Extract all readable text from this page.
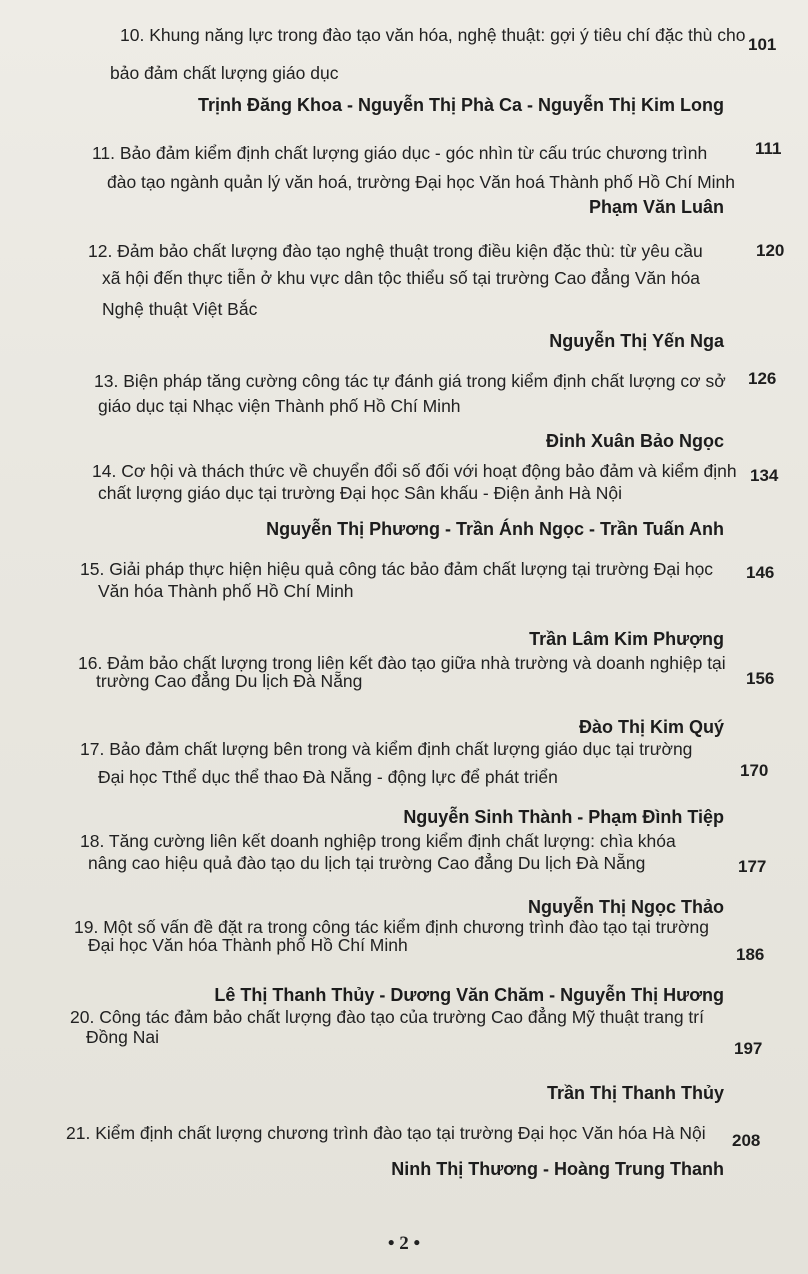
10. Khung năng lực trong đào tạo văn hóa, nghệ thuật: gợi ý tiêu chí đặc thù cho
bảo đảm chất lượng giáo dục
101
Trịnh Đăng Khoa - Nguyễn Thị Phà Ca - Nguyễn Thị Kim Long
11. Bảo đảm kiểm định chất lượng giáo dục - góc nhìn từ cấu trúc chương trình
đào tạo ngành quản lý văn hoá, trường Đại học Văn hoá Thành phố Hồ Chí Minh
111
Phạm Văn Luân
12. Đảm bảo chất lượng đào tạo nghệ thuật trong điều kiện đặc thù: từ yêu cầu
xã hội đến thực tiễn ở khu vực dân tộc thiểu số tại trường Cao đẳng Văn hóa
Nghệ thuật Việt Bắc
120
Nguyễn Thị Yến Nga
13. Biện pháp tăng cường công tác tự đánh giá trong kiểm định chất lượng cơ sở
giáo dục tại Nhạc viện Thành phố Hồ Chí Minh
126
Đinh Xuân Bảo Ngọc
14. Cơ hội và thách thức về chuyển đổi số đối với hoạt động bảo đảm và kiểm định
chất lượng giáo dục tại trường Đại học Sân khấu - Điện ảnh Hà Nội
134
Nguyễn Thị Phương - Trần Ánh Ngọc - Trần Tuấn Anh
15. Giải pháp thực hiện hiệu quả công tác bảo đảm chất lượng tại trường Đại học
Văn hóa Thành phố Hồ Chí Minh
146
Trần Lâm Kim Phượng
16. Đảm bảo chất lượng trong liên kết đào tạo giữa nhà trường và doanh nghiệp tại
trường Cao đẳng Du lịch Đà Nẵng	156
Đào Thị Kim Quý
17. Bảo đảm chất lượng bên trong và kiểm định chất lượng giáo dục tại trường
Đại học Tthể dục thể thao Đà Nẵng - động lực để phát triển	170
Nguyễn Sinh Thành - Phạm Đình Tiệp
18. Tăng cường liên kết doanh nghiệp trong kiểm định chất lượng: chìa khóa
nâng cao hiệu quả đào tạo du lịch tại trường Cao đẳng Du lịch Đà Nẵng	177
Nguyễn Thị Ngọc Thảo
19. Một số vấn đề đặt ra trong công tác kiểm định chương trình đào tạo tại trường
Đại học Văn hóa Thành phố Hồ Chí Minh	186
Lê Thị Thanh Thủy - Dương Văn Chăm - Nguyễn Thị Hương
20. Công tác đảm bảo chất lượng đào tạo của trường Cao đẳng Mỹ thuật trang trí
Đồng Nai
197
Trần Thị Thanh Thủy
21. Kiểm định chất lượng chương trình đào tạo tại trường Đại học Văn hóa Hà Nội 208
Ninh Thị Thương - Hoàng Trung Thanh
• 2 •
